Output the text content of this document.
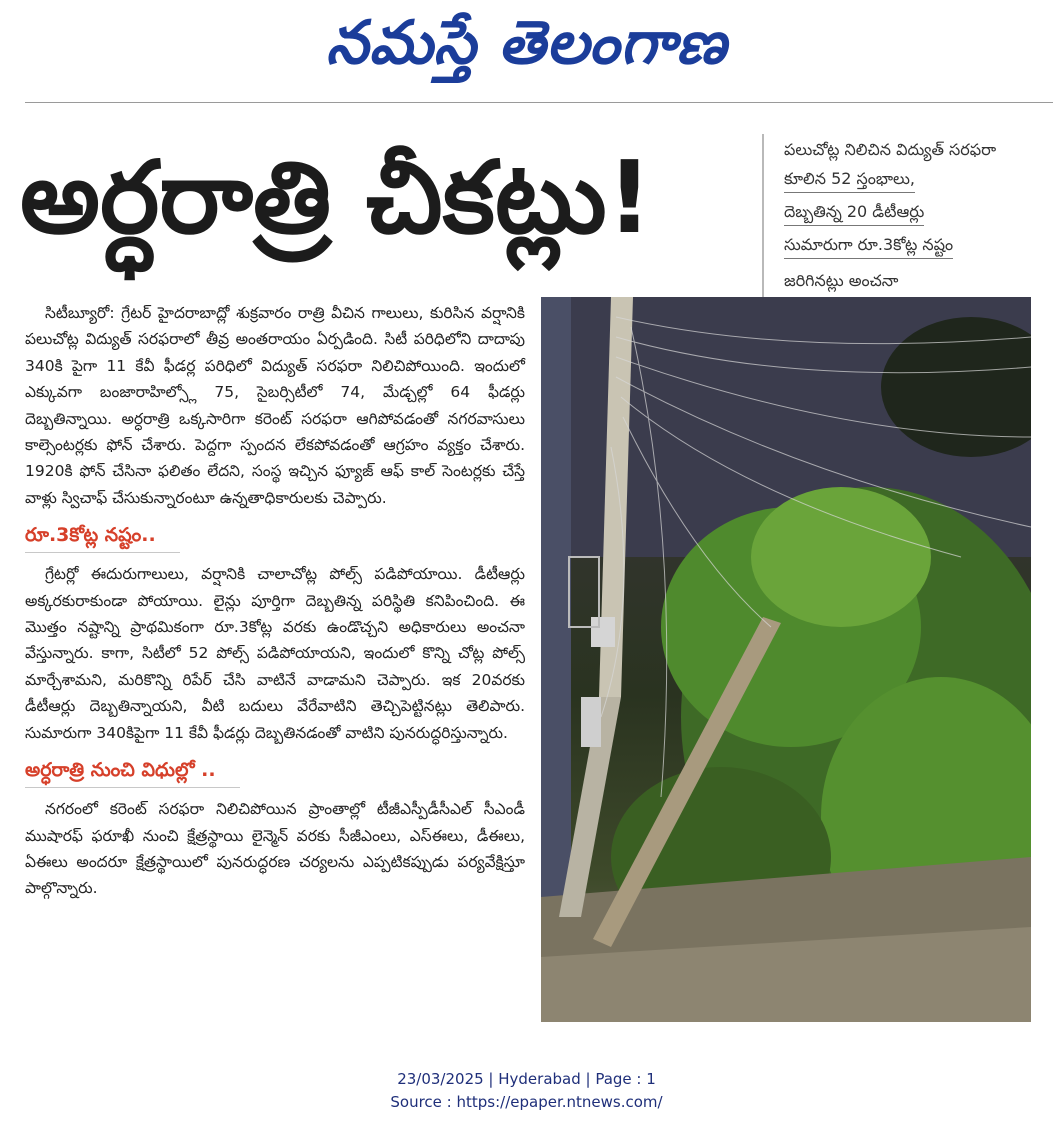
నమస్తే తెలంగాణ
అర్ధరాత్రి చీకట్లు!	పలుచోట్ల నిలిచిన విద్యుత్ సరఫరా
కూలిన 52 స్తంభాలు,
దెబ్బతిన్న 20 డీటీఆర్లు
సుమారుగా రూ.3కోట్ల నష్టం
జరిగినట్లు అంచనా

సిటీబ్యూరో: గ్రేటర్ హైదరాబాద్లో శుక్రవారం రాత్రి వీచిన గాలులు, కురిసిన వర్షానికి పలుచోట్ల విద్యుత్ సరఫరాలో తీవ్ర అంతరాయం ఏర్పడింది. సిటీ పరిధిలోని దాదాపు 340కి పైగా 11 కేవీ ఫీడర్ల పరిధిలో విద్యుత్ సరఫరా నిలిచిపోయింది. ఇందులో ఎక్కువగా బంజారాహిల్స్లో 75, సైబర్సిటీలో 74, మేడ్చల్లో 64 ఫీడర్లు దెబ్బతిన్నాయి. అర్ధరాత్రి ఒక్కసారిగా కరెంట్ సరఫరా ఆగిపోవడంతో నగరవాసులు కాల్సెంటర్లకు ఫోన్ చేశారు. పెద్దగా స్పందన లేకపోవడంతో ఆగ్రహం వ్యక్తం చేశారు. 1920కి ఫోన్ చేసినా ఫలితం లేదని, సంస్థ ఇచ్చిన ఫ్యూజ్ ఆఫ్ కాల్ సెంటర్లకు చేస్తే వాళ్లు స్విచాఫ్ చేసుకున్నారంటూ ఉన్నతాధికారులకు చెప్పారు.

రూ.3కోట్ల నష్టం..

గ్రేటర్లో ఈదురుగాలులు, వర్షానికి చాలాచోట్ల పోల్స్ పడిపోయాయి. డీటీఆర్లు అక్కరకురాకుండా పోయాయి. లైన్లు పూర్తిగా దెబ్బతిన్న పరిస్థితి కనిపించింది. ఈ మొత్తం నష్టాన్ని ప్రాథమికంగా రూ.3కోట్ల వరకు ఉండొచ్చని అధికారులు అంచనా వేస్తున్నారు. కాగా, సిటీలో 52 పోల్స్ పడిపోయాయని, ఇందులో కొన్ని చోట్ల పోల్స్ మార్చేశామని, మరికొన్ని రిపేర్ చేసి వాటినే వాడామని చెప్పారు. ఇక 20వరకు డీటీఆర్లు దెబ్బతిన్నాయని, వీటి బదులు వేరేవాటిని తెచ్చిపెట్టినట్లు తెలిపారు. సుమారుగా 340కిపైగా 11 కేవీ ఫీడర్లు దెబ్బతినడంతో వాటిని పునరుద్ధరిస్తున్నారు.

అర్ధరాత్రి నుంచి విధుల్లో ..

నగరంలో కరెంట్ సరఫరా నిలిచిపోయిన ప్రాంతాల్లో టీజీఎస్పీడీసీఎల్ సీఎండీ ముషారఫ్ ఫరూఖీ నుంచి క్షేత్రస్థాయి లైన్మెన్ వరకు సీజీఎంలు, ఎస్ఈలు, డీఈలు, ఏఈలు అందరూ క్షేత్రస్థాయిలో పునరుద్ధరణ చర్యలను ఎప్పటికప్పుడు పర్యవేక్షిస్తూ పాల్గొన్నారు.

23/03/2025 | Hyderabad | Page : 1
Source : https://epaper.ntnews.com/
